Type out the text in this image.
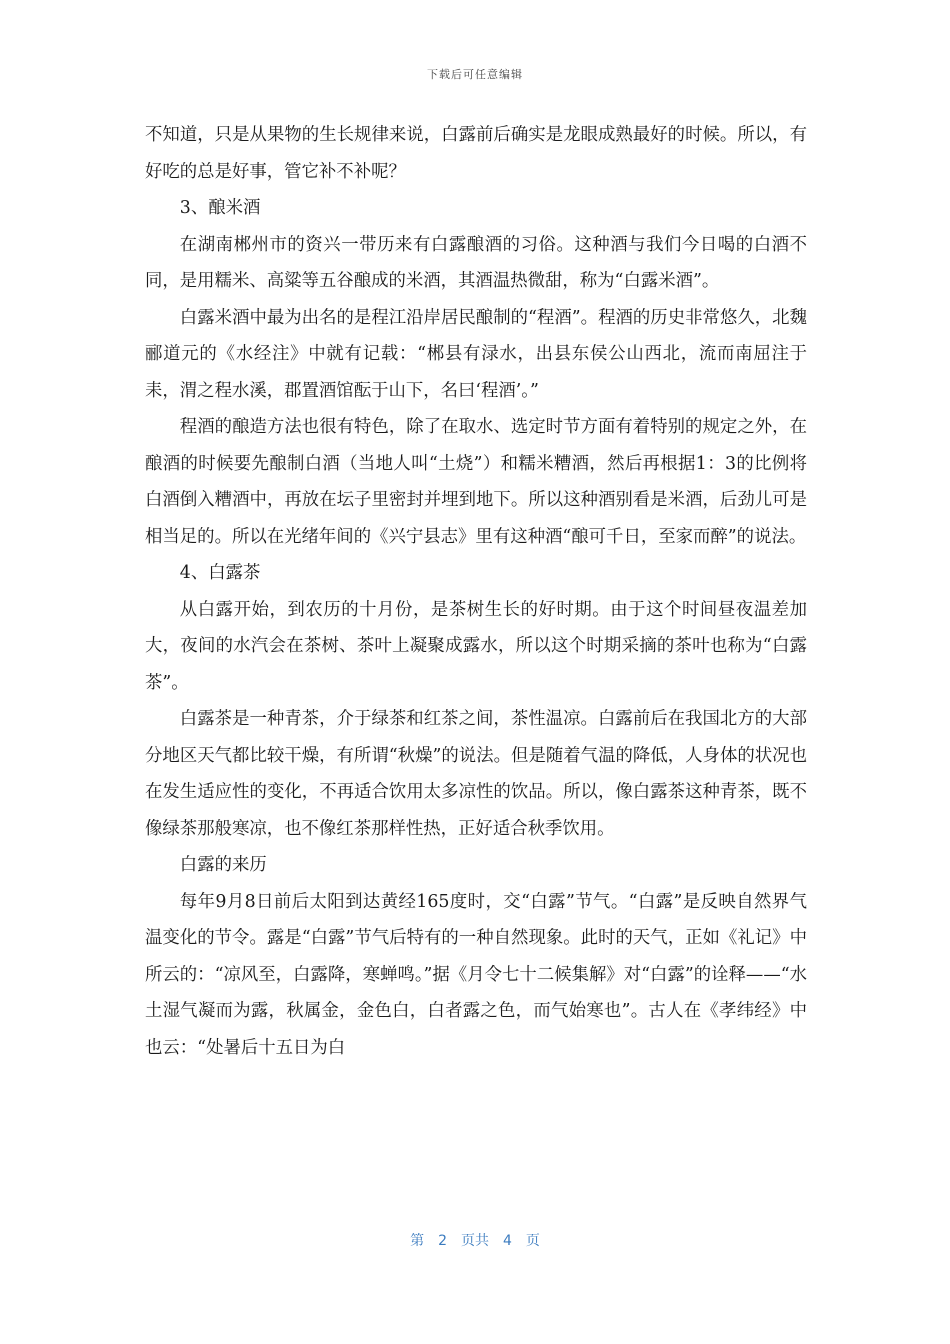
下载后可任意编辑

不知道，只是从果物的生长规律来说，白露前后确实是龙眼成熟最好的时候。所以，有好吃的总是好事，管它补不补呢？

3、酿米酒

在湖南郴州市的资兴一带历来有白露酿酒的习俗。这种酒与我们今日喝的白酒不同，是用糯米、高粱等五谷酿成的米酒，其酒温热微甜，称为“白露米酒”。

白露米酒中最为出名的是程江沿岸居民酿制的“程酒”。程酒的历史非常悠久，北魏郦道元的《水经注》中就有记载：“郴县有渌水，出县东侯公山西北，流而南屈注于耒，渭之程水溪，郡置酒馆酝于山下，名曰‘程酒’。”

程酒的酿造方法也很有特色，除了在取水、选定时节方面有着特别的规定之外，在酿酒的时候要先酿制白酒（当地人叫“土烧”）和糯米糟酒，然后再根据1：3的比例将白酒倒入糟酒中，再放在坛子里密封并埋到地下。所以这种酒别看是米酒，后劲儿可是相当足的。所以在光绪年间的《兴宁县志》里有这种酒“酿可千日，至家而醉”的说法。

4、白露茶

从白露开始，到农历的十月份，是茶树生长的好时期。由于这个时间昼夜温差加大，夜间的水汽会在茶树、茶叶上凝聚成露水，所以这个时期采摘的茶叶也称为“白露茶”。

白露茶是一种青茶，介于绿茶和红茶之间，茶性温凉。白露前后在我国北方的大部分地区天气都比较干燥，有所谓“秋燥”的说法。但是随着气温的降低，人身体的状况也在发生适应性的变化，不再适合饮用太多凉性的饮品。所以，像白露茶这种青茶，既不像绿茶那般寒凉，也不像红茶那样性热，正好适合秋季饮用。

白露的来历

每年9月8日前后太阳到达黄经165度时，交“白露”节气。“白露”是反映自然界气温变化的节令。露是“白露”节气后特有的一种自然现象。此时的天气，正如《礼记》中所云的：“凉风至，白露降，寒蝉鸣。”据《月令七十二候集解》对“白露”的诠释——“水土湿气凝而为露，秋属金，金色白，白者露之色，而气始寒也”。古人在《孝纬经》中也云：“处暑后十五日为白

第 2 页共 4 页
